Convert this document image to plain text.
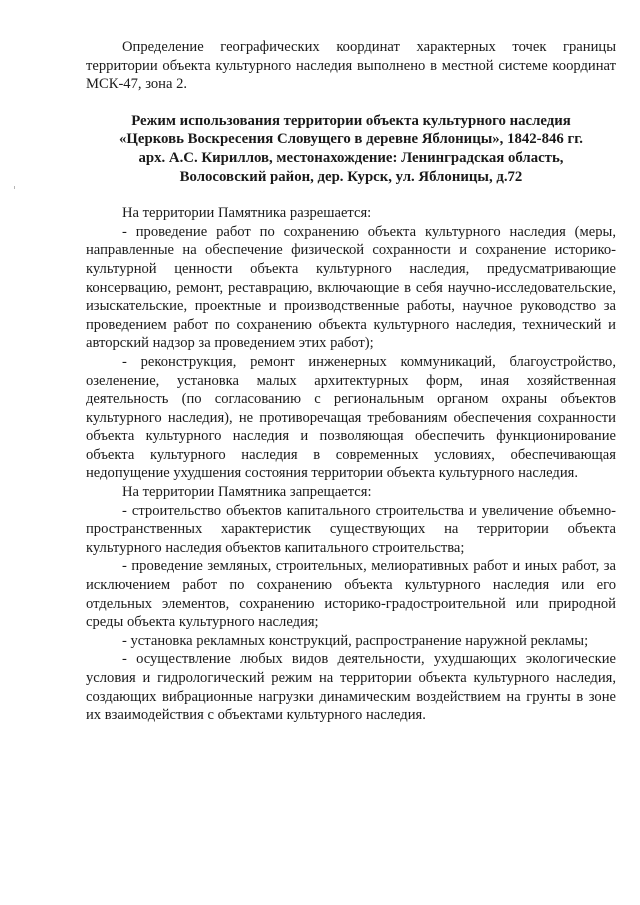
Определение географических координат характерных точек границы территории объекта культурного наследия выполнено в местной системе координат МСК-47, зона 2.

Режим использования территории объекта культурного наследия
«Церковь Воскресения Словущего в деревне Яблоницы», 1842-846 гг.
арх. А.С. Кириллов, местонахождение: Ленинградская область,
Волосовский район, дер. Курск, ул. Яблоницы, д.72

На территории Памятника разрешается:

- проведение работ по сохранению объекта культурного наследия (меры, направленные на обеспечение физической сохранности и сохранение историко-культурной ценности объекта культурного наследия, предусматривающие консервацию, ремонт, реставрацию, включающие в себя научно-исследовательские, изыскательские, проектные и производственные работы, научное руководство за проведением работ по сохранению объекта культурного наследия, технический и авторский надзор за проведением этих работ);

- реконструкция, ремонт инженерных коммуникаций, благоустройство, озеленение, установка малых архитектурных форм, иная хозяйственная деятельность (по согласованию с региональным органом охраны объектов культурного наследия), не противоречащая требованиям обеспечения сохранности объекта культурного наследия и позволяющая обеспечить функционирование объекта культурного наследия в современных условиях, обеспечивающая недопущение ухудшения состояния территории объекта культурного наследия.

На территории Памятника запрещается:

- строительство объектов капитального строительства и увеличение объемно-пространственных характеристик существующих на территории объекта культурного наследия объектов капитального строительства;

- проведение земляных, строительных, мелиоративных работ и иных работ, за исключением работ по сохранению объекта культурного наследия или его отдельных элементов, сохранению историко-градостроительной или природной среды объекта культурного наследия;

- установка рекламных конструкций, распространение наружной рекламы;

- осуществление любых видов деятельности, ухудшающих экологические условия и гидрологический режим на территории объекта культурного наследия, создающих вибрационные нагрузки динамическим воздействием на грунты в зоне их взаимодействия с объектами культурного наследия.
